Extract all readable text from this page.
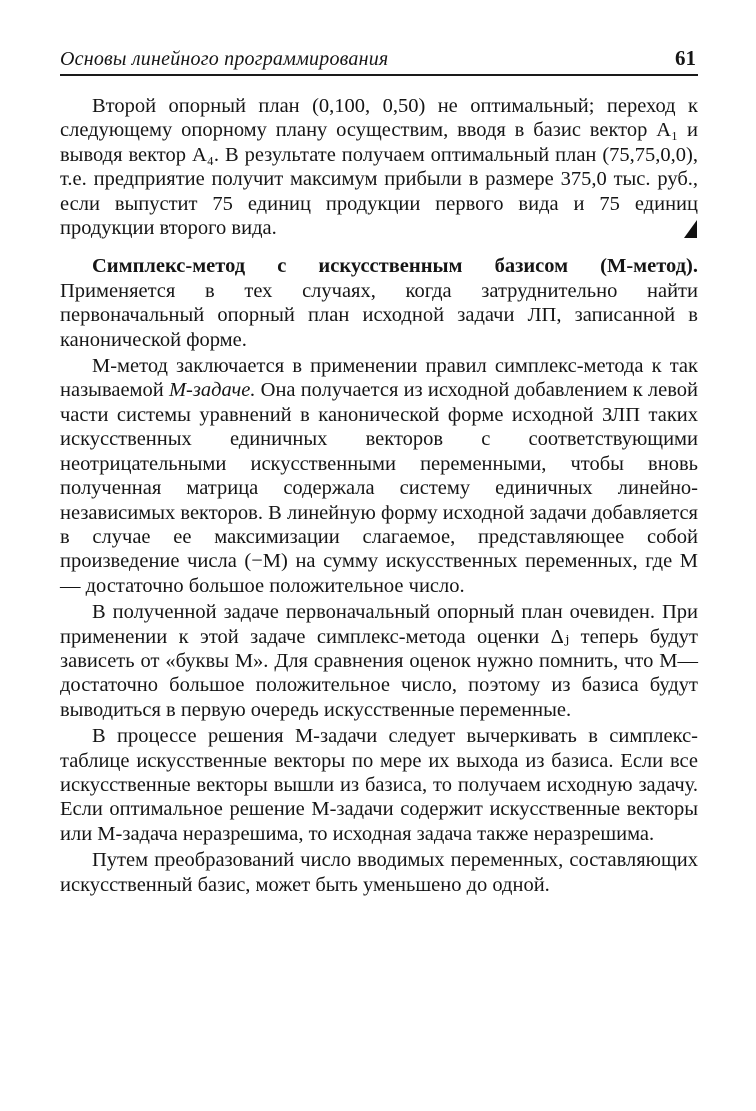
Основы линейного программирования	61

Второй опорный план (0,100, 0,50) не оптимальный; переход к следующему опорному плану осуществим, вводя в базис вектор A₁ и выводя вектор A₄. В результате получаем оптимальный план (75,75,0,0), т.е. предприятие получит максимум прибыли в размере 375,0 тыс. руб., если выпустит 75 единиц продукции первого вида и 75 единиц продукции второго вида.

Симплекс-метод с искусственным базисом (М-метод). Применяется в тех случаях, когда затруднительно найти первоначальный опорный план исходной задачи ЛП, записанной в канонической форме.

М-метод заключается в применении правил симплекс-метода к так называемой М-задаче. Она получается из исходной добавлением к левой части системы уравнений в канонической форме исходной ЗЛП таких искусственных единичных векторов с соответствующими неотрицательными искусственными переменными, чтобы вновь полученная матрица содержала систему единичных линейно-независимых векторов. В линейную форму исходной задачи добавляется в случае ее максимизации слагаемое, представляющее собой произведение числа (−М) на сумму искусственных переменных, где М — достаточно большое положительное число.

В полученной задаче первоначальный опорный план очевиден. При применении к этой задаче симплекс-метода оценки Δⱼ теперь будут зависеть от «буквы М». Для сравнения оценок нужно помнить, что М— достаточно большое положительное число, поэтому из базиса будут выводиться в первую очередь искусственные переменные.

В процессе решения М-задачи следует вычеркивать в симплекс-таблице искусственные векторы по мере их выхода из базиса. Если все искусственные векторы вышли из базиса, то получаем исходную задачу. Если оптимальное решение М-задачи содержит искусственные векторы или М-задача неразрешима, то исходная задача также неразрешима.

Путем преобразований число вводимых переменных, составляющих искусственный базис, может быть уменьшено до одной.
